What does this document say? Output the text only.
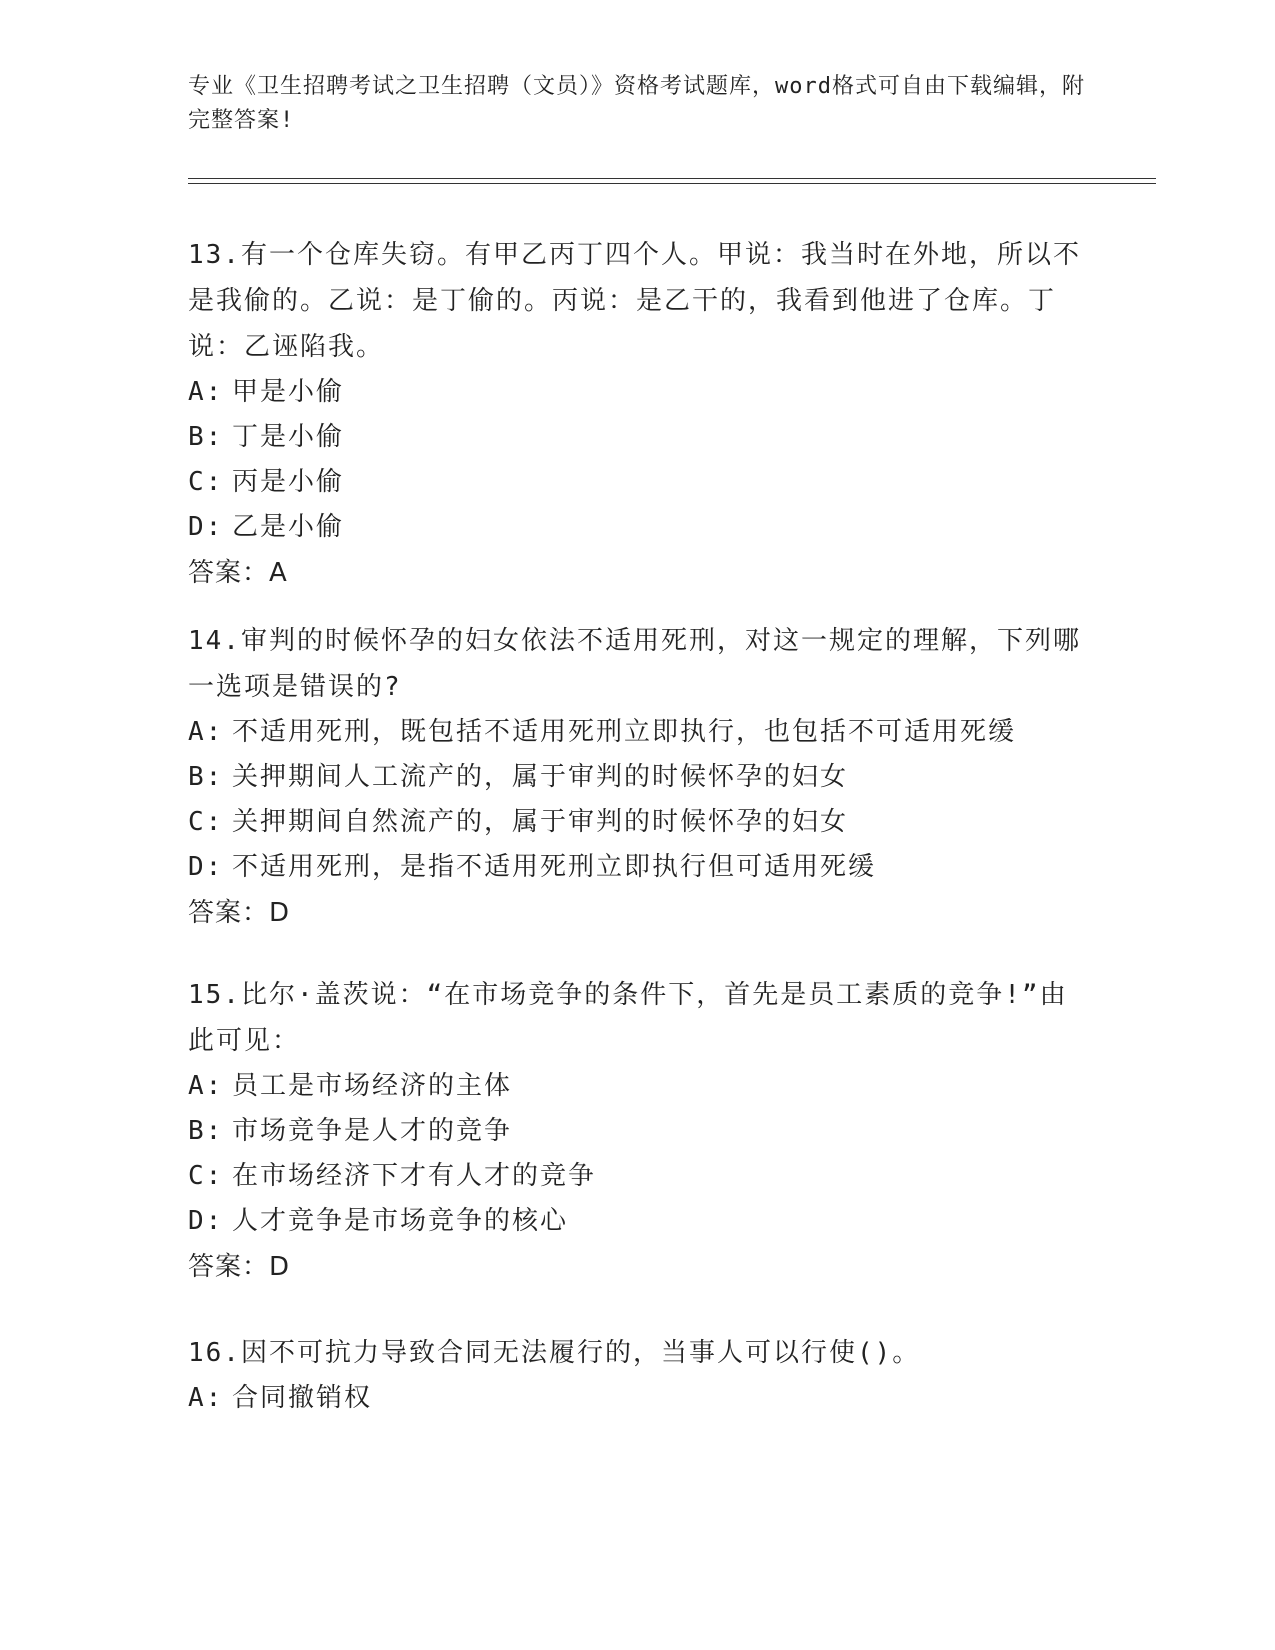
专业《卫生招聘考试之卫生招聘（文员）》资格考试题库，word格式可自由下载编辑，附完整答案!

13.有一个仓库失窃。有甲乙丙丁四个人。甲说：我当时在外地，所以不是我偷的。乙说：是丁偷的。丙说：是乙干的，我看到他进了仓库。丁说：乙诬陷我。

A: 甲是小偷

B: 丁是小偷

C: 丙是小偷

D: 乙是小偷

答案：A

14.审判的时候怀孕的妇女依法不适用死刑，对这一规定的理解，下列哪一选项是错误的?

A: 不适用死刑，既包括不适用死刑立即执行，也包括不可适用死缓

B: 关押期间人工流产的，属于审判的时候怀孕的妇女

C: 关押期间自然流产的，属于审判的时候怀孕的妇女

D: 不适用死刑，是指不适用死刑立即执行但可适用死缓

答案：D

15.比尔·盖茨说：“在市场竞争的条件下，首先是员工素质的竞争!”由此可见：

A: 员工是市场经济的主体

B: 市场竞争是人才的竞争

C: 在市场经济下才有人才的竞争

D: 人才竞争是市场竞争的核心

答案：D

16.因不可抗力导致合同无法履行的，当事人可以行使()。

A: 合同撤销权
